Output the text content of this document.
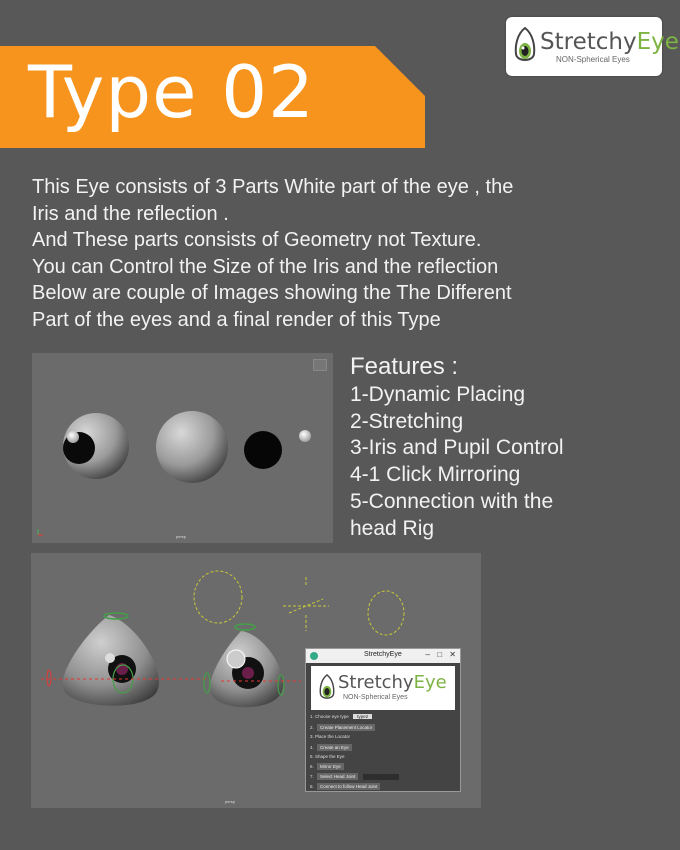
Type 02
StretchyEye
NON-Spherical Eyes
This Eye consists of 3 Parts White part of the eye , the
Iris and the reflection .
And These parts consists of Geometry not Texture.
You can Control the Size of the Iris and the reflection
Below are couple of Images showing the The Different
Part of the eyes and a final render of this Type
persp
Features :
1-Dynamic Placing
2-Stretching
3-Iris and Pupil Control
4-1 Click Mirroring
5-Connection with the
head Rig
persp
StretchyEye	– □ ✕
StretchyEye
NON-Spherical Eyes
1. Choose eye type type2
2. Create Placement Locator
3. Place the Locator
4. Create an Eye
5. Shape the Eye
6. Mirror Eye
7. Select Head Joint
8. Connect to follow Head Joint
